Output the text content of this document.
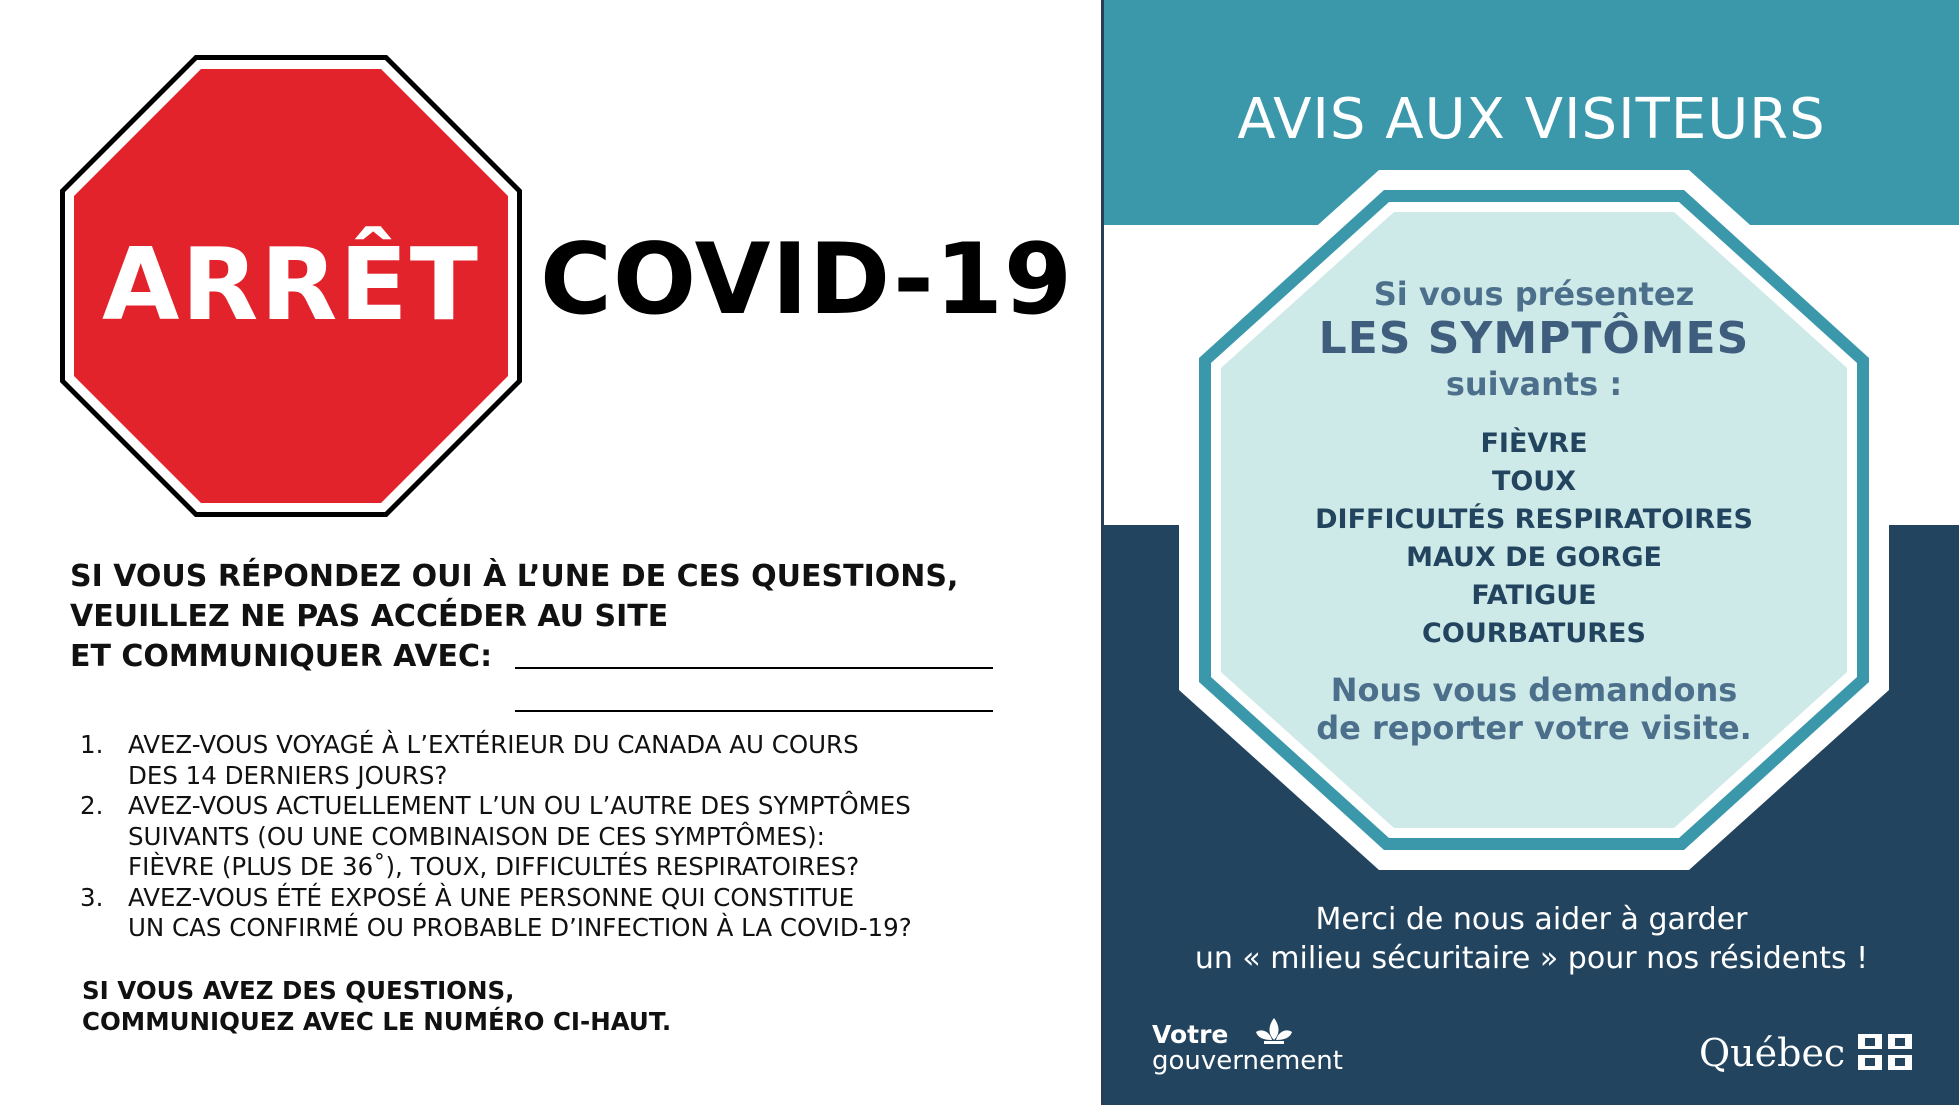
ARRÊT COVID-19
SI VOUS RÉPONDEZ OUI À L’UNE DE CES QUESTIONS,
VEUILLEZ NE PAS ACCÉDER AU SITE
ET COMMUNIQUER AVEC:
1.	AVEZ-VOUS VOYAGÉ À L’EXTÉRIEUR DU CANADA AU COURS
DES 14 DERNIERS JOURS?
2.	AVEZ-VOUS ACTUELLEMENT L’UN OU L’AUTRE DES SYMPTÔMES
SUIVANTS (OU UNE COMBINAISON DE CES SYMPTÔMES):
FIÈVRE (PLUS DE 36˚), TOUX, DIFFICULTÉS RESPIRATOIRES?
3.	AVEZ-VOUS ÉTÉ EXPOSÉ À UNE PERSONNE QUI CONSTITUE
UN CAS CONFIRMÉ OU PROBABLE D’INFECTION À LA COVID-19?
SI VOUS AVEZ DES QUESTIONS,
COMMUNIQUEZ AVEC LE NUMÉRO CI-HAUT.
AVIS AUX VISITEURS
Si vous présentez
LES SYMPTÔMES
suivants :
FIÈVRE
TOUX
DIFFICULTÉS RESPIRATOIRES
MAUX DE GORGE
FATIGUE
COURBATURES
Nous vous demandons
de reporter votre visite.
Merci de nous aider à garder
un « milieu sécuritaire » pour nos résidents !
Votre
gouvernement	Québec
